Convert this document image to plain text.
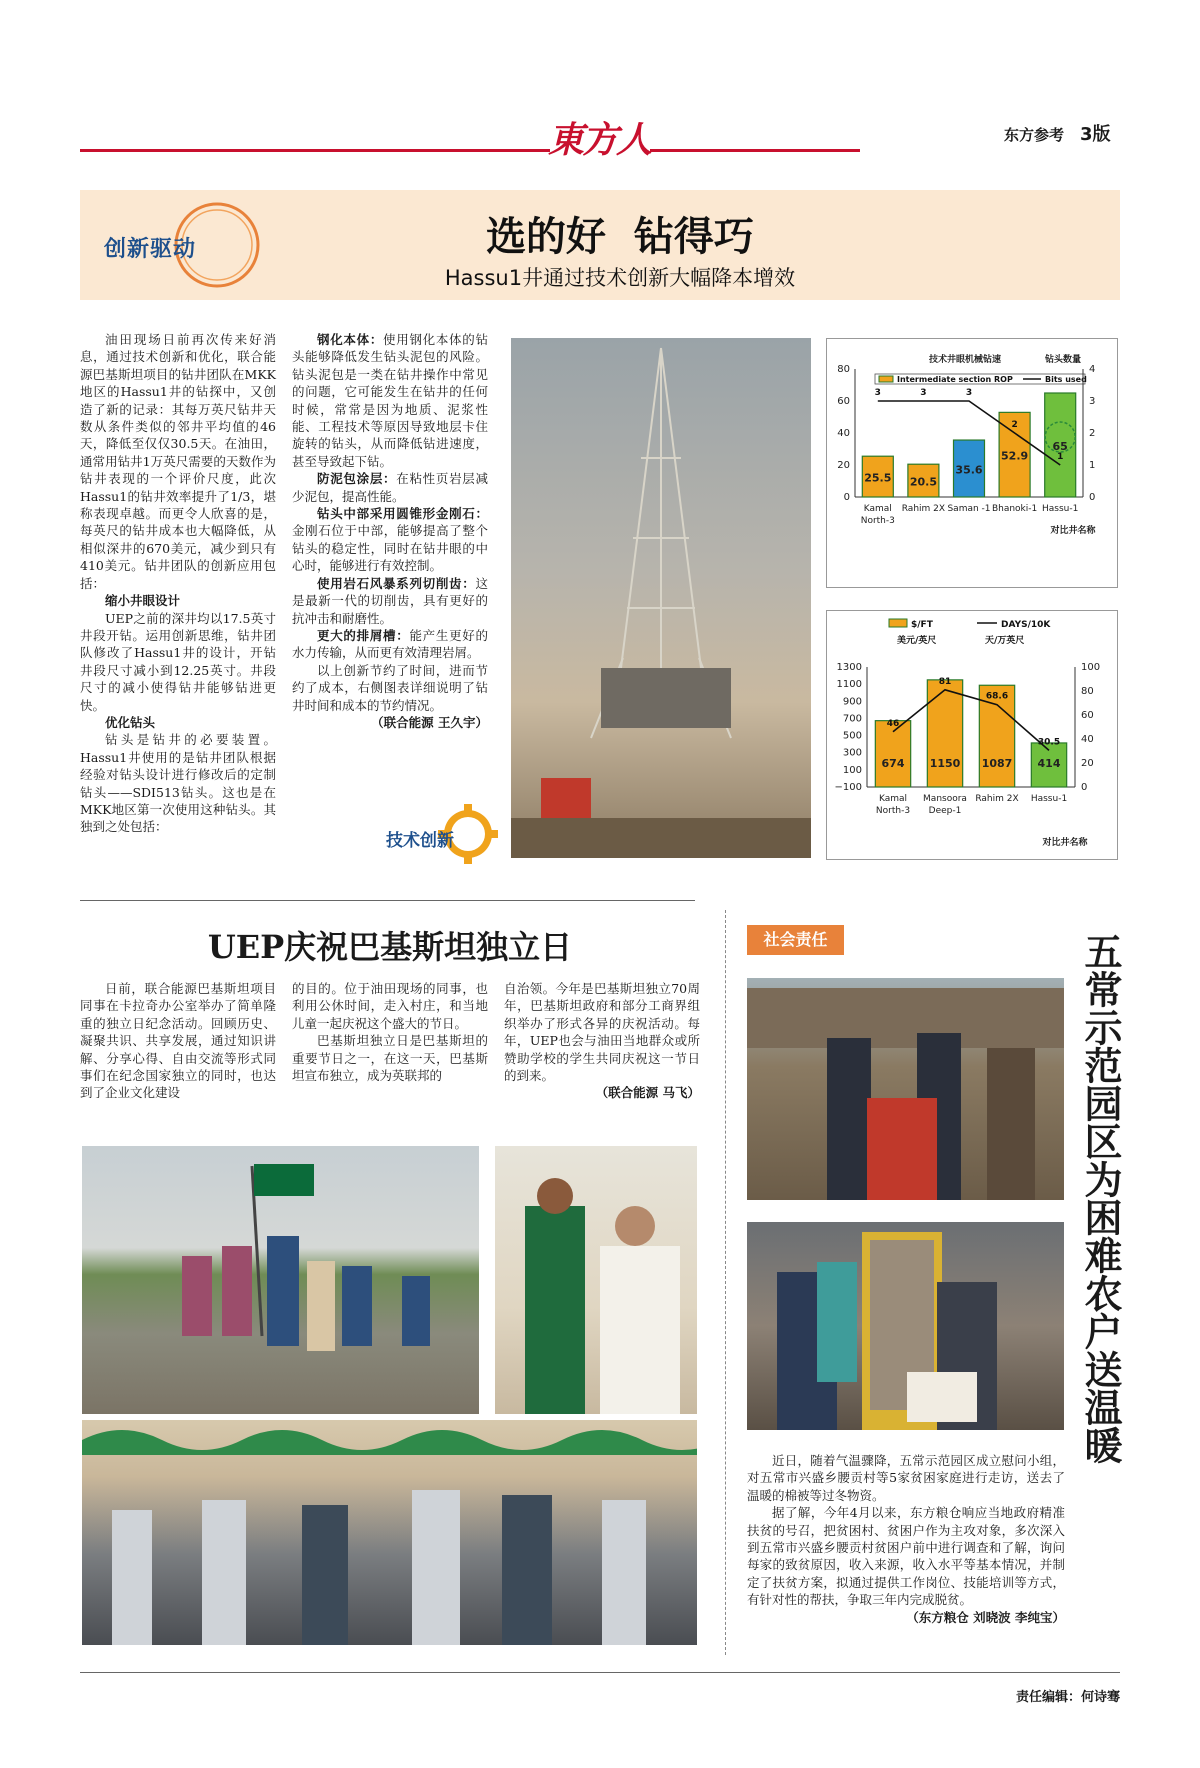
東方人	东方参考 3版
创新驱动	选的好  钻得巧
Hassu1井通过技术创新大幅降本增效

油田现场日前再次传来好消息，通过技术创新和优化，联合能源巴基斯坦项目的钻井团队在MKK地区的Hassu1井的钻探中，又创造了新的记录：其每万英尺钻井天数从条件类似的邻井平均值的46天，降低至仅仅30.5天。在油田，通常用钻井1万英尺需要的天数作为钻井表现的一个评价尺度，此次Hassu1的钻井效率提升了1/3，堪称表现卓越。而更令人欣喜的是，每英尺的钻井成本也大幅降低，从相似深井的670美元，减少到只有410美元。钻井团队的创新应用包括：

缩小井眼设计

UEP之前的深井均以17.5英寸井段开钻。运用创新思维，钻井团队修改了Hassu1井的设计，开钻井段尺寸减小到12.25英寸。井段尺寸的减小使得钻井能够钻进更快。

优化钻头

钻头是钻井的必要装置。Hassu1井使用的是钻井团队根据经验对钻头设计进行修改后的定制钻头——SDI513钻头。这也是在MKK地区第一次使用这种钻头。其独到之处包括：

钢化本体：使用钢化本体的钻头能够降低发生钻头泥包的风险。钻头泥包是一类在钻井操作中常见的问题，它可能发生在钻井的任何时候，常常是因为地质、泥浆性能、工程技术等原因导致地层卡住旋转的钻头，从而降低钻进速度，甚至导致起下钻。

防泥包涂层：在粘性页岩层减少泥包，提高性能。

钻头中部采用圆锥形金刚石：金刚石位于中部，能够提高了整个钻头的稳定性，同时在钻井眼的中心时，能够进行有效控制。

使用岩石风暴系列切削齿：这是最新一代的切削齿，具有更好的抗冲击和耐磨性。

更大的排屑槽：能产生更好的水力传输，从而更有效清理岩屑。

以上创新节约了时间，进而节约了成本，右侧图表详细说明了钻井时间和成本的节约情况。

（联合能源 王久宇）

技术创新
技术井眼机械钻速	钻头数量
Intermediate section ROP	Bits used
0
20
40
60
80
0
1
2
3
4
25.5
Kamal
North-3
20.5
Rahim 2X
35.6
Saman -1
52.9
Bhanoki-1
65
Hassu-1
3	3	3
2
1
对比井名称
$/FT	DAYS/10K
美元/英尺	天/万英尺
−100
100
300
500
700
900
1100
1300
0
20
40
60
80
100
674
Kamal
North-3
1150
Mansoora
Deep-1
1087
Rahim 2X
414
Hassu-1
46
81
68.6
30.5
对比井名称
UEP庆祝巴基斯坦独立日

日前，联合能源巴基斯坦项目同事在卡拉奇办公室举办了简单隆重的独立日纪念活动。回顾历史、凝聚共识、共享发展，通过知识讲解、分享心得、自由交流等形式同事们在纪念国家独立的同时，也达到了企业文化建设

的目的。位于油田现场的同事，也利用公休时间，走入村庄，和当地儿童一起庆祝这个盛大的节日。

巴基斯坦独立日是巴基斯坦的重要节日之一，在这一天，巴基斯坦宣布独立，成为英联邦的

自治领。今年是巴基斯坦独立70周年，巴基斯坦政府和部分工商界组织举办了形式各异的庆祝活动。每年，UEP也会与油田当地群众或所赞助学校的学生共同庆祝这一节日的到来。

（联合能源 马飞）

社会责任	五常示范园区为困难农户送温暖

近日，随着气温骤降，五常示范园区成立慰问小组，对五常市兴盛乡腰贡村等5家贫困家庭进行走访，送去了温暖的棉被等过冬物资。

据了解，今年4月以来，东方粮仓响应当地政府精准扶贫的号召，把贫困村、贫困户作为主攻对象，多次深入到五常市兴盛乡腰贡村贫困户前中进行调查和了解，询问每家的致贫原因，收入来源，收入水平等基本情况，并制定了扶贫方案，拟通过提供工作岗位、技能培训等方式，有针对性的帮扶，争取三年内完成脱贫。

（东方粮仓 刘晓波 李纯宝）

责任编辑：何诗骞
